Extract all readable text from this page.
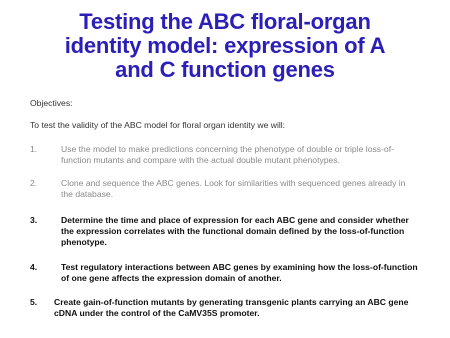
Testing the ABC floral-organ
identity model: expression of A
and C function genes

Objectives:

To test the validity of the ABC model for floral organ identity we will:

1.	Use the model to make predictions concerning the phenotype of double or triple loss-of-
function mutants and compare with the actual double mutant phenotypes.
2.	Clone and sequence the ABC genes. Look for similarities with sequenced genes already in
the database.
3.	Determine the time and place of expression for each ABC gene and consider whether
the expression correlates with the functional domain defined by the loss-of-function
phenotype.
4.	Test regulatory interactions between ABC genes by examining how the loss-of-function
of one gene affects the expression domain of another.
5. Create gain-of-function mutants by generating transgenic plants carrying an ABC gene
cDNA under the control of the CaMV35S promoter.
